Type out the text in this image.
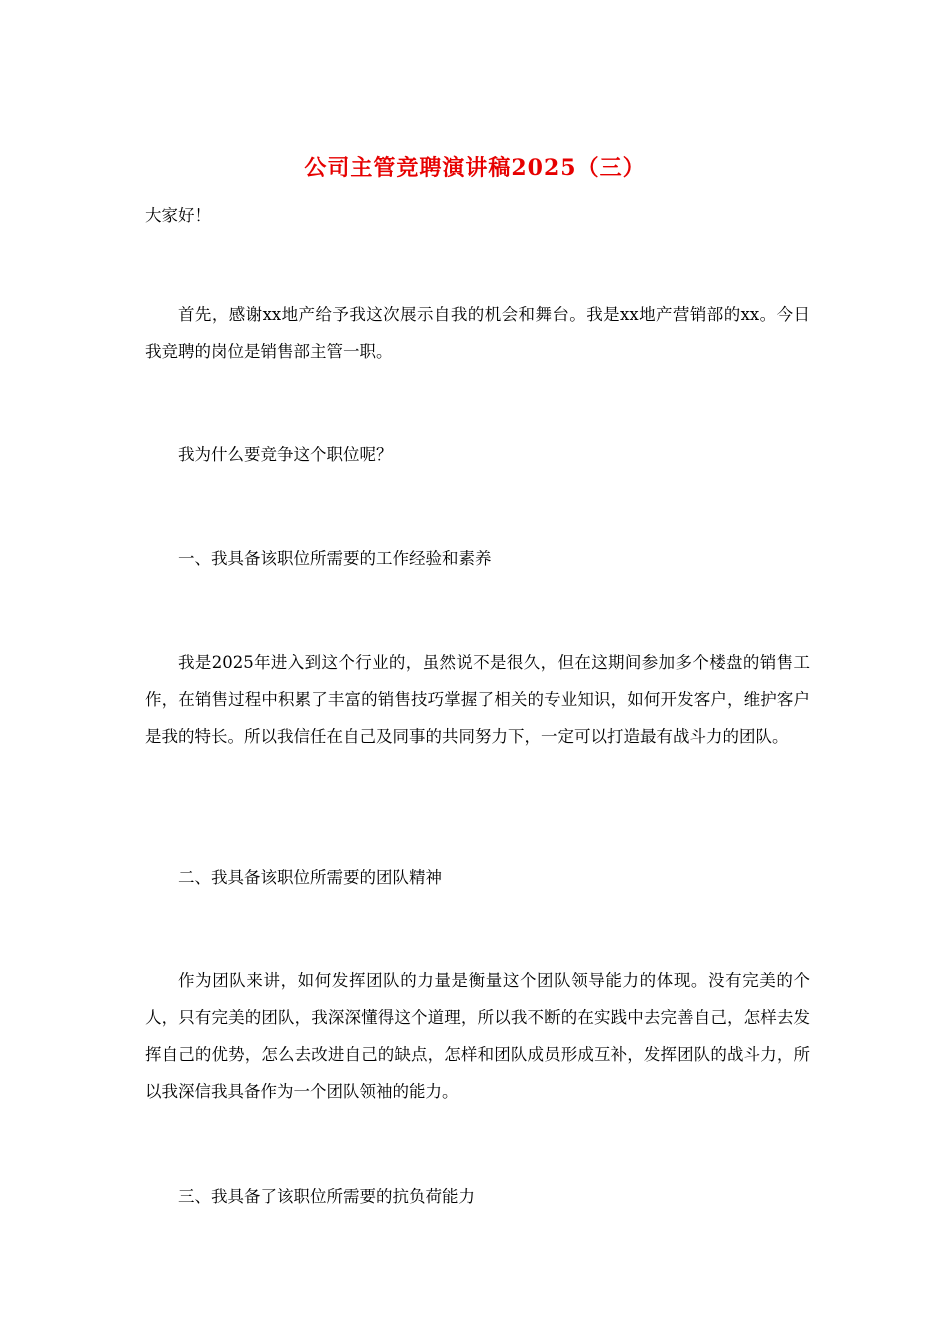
公司主管竞聘演讲稿2025（三）

大家好！

首先，感谢xx地产给予我这次展示自我的机会和舞台。我是xx地产营销部的xx。今日我竞聘的岗位是销售部主管一职。

我为什么要竞争这个职位呢？

一、我具备该职位所需要的工作经验和素养

我是2025年进入到这个行业的，虽然说不是很久，但在这期间参加多个楼盘的销售工作，在销售过程中积累了丰富的销售技巧掌握了相关的专业知识，如何开发客户，维护客户是我的特长。所以我信任在自己及同事的共同努力下，一定可以打造最有战斗力的团队。

二、我具备该职位所需要的团队精神

作为团队来讲，如何发挥团队的力量是衡量这个团队领导能力的体现。没有完美的个人，只有完美的团队，我深深懂得这个道理，所以我不断的在实践中去完善自己，怎样去发挥自己的优势，怎么去改进自己的缺点，怎样和团队成员形成互补，发挥团队的战斗力，所以我深信我具备作为一个团队领袖的能力。

三、我具备了该职位所需要的抗负荷能力
